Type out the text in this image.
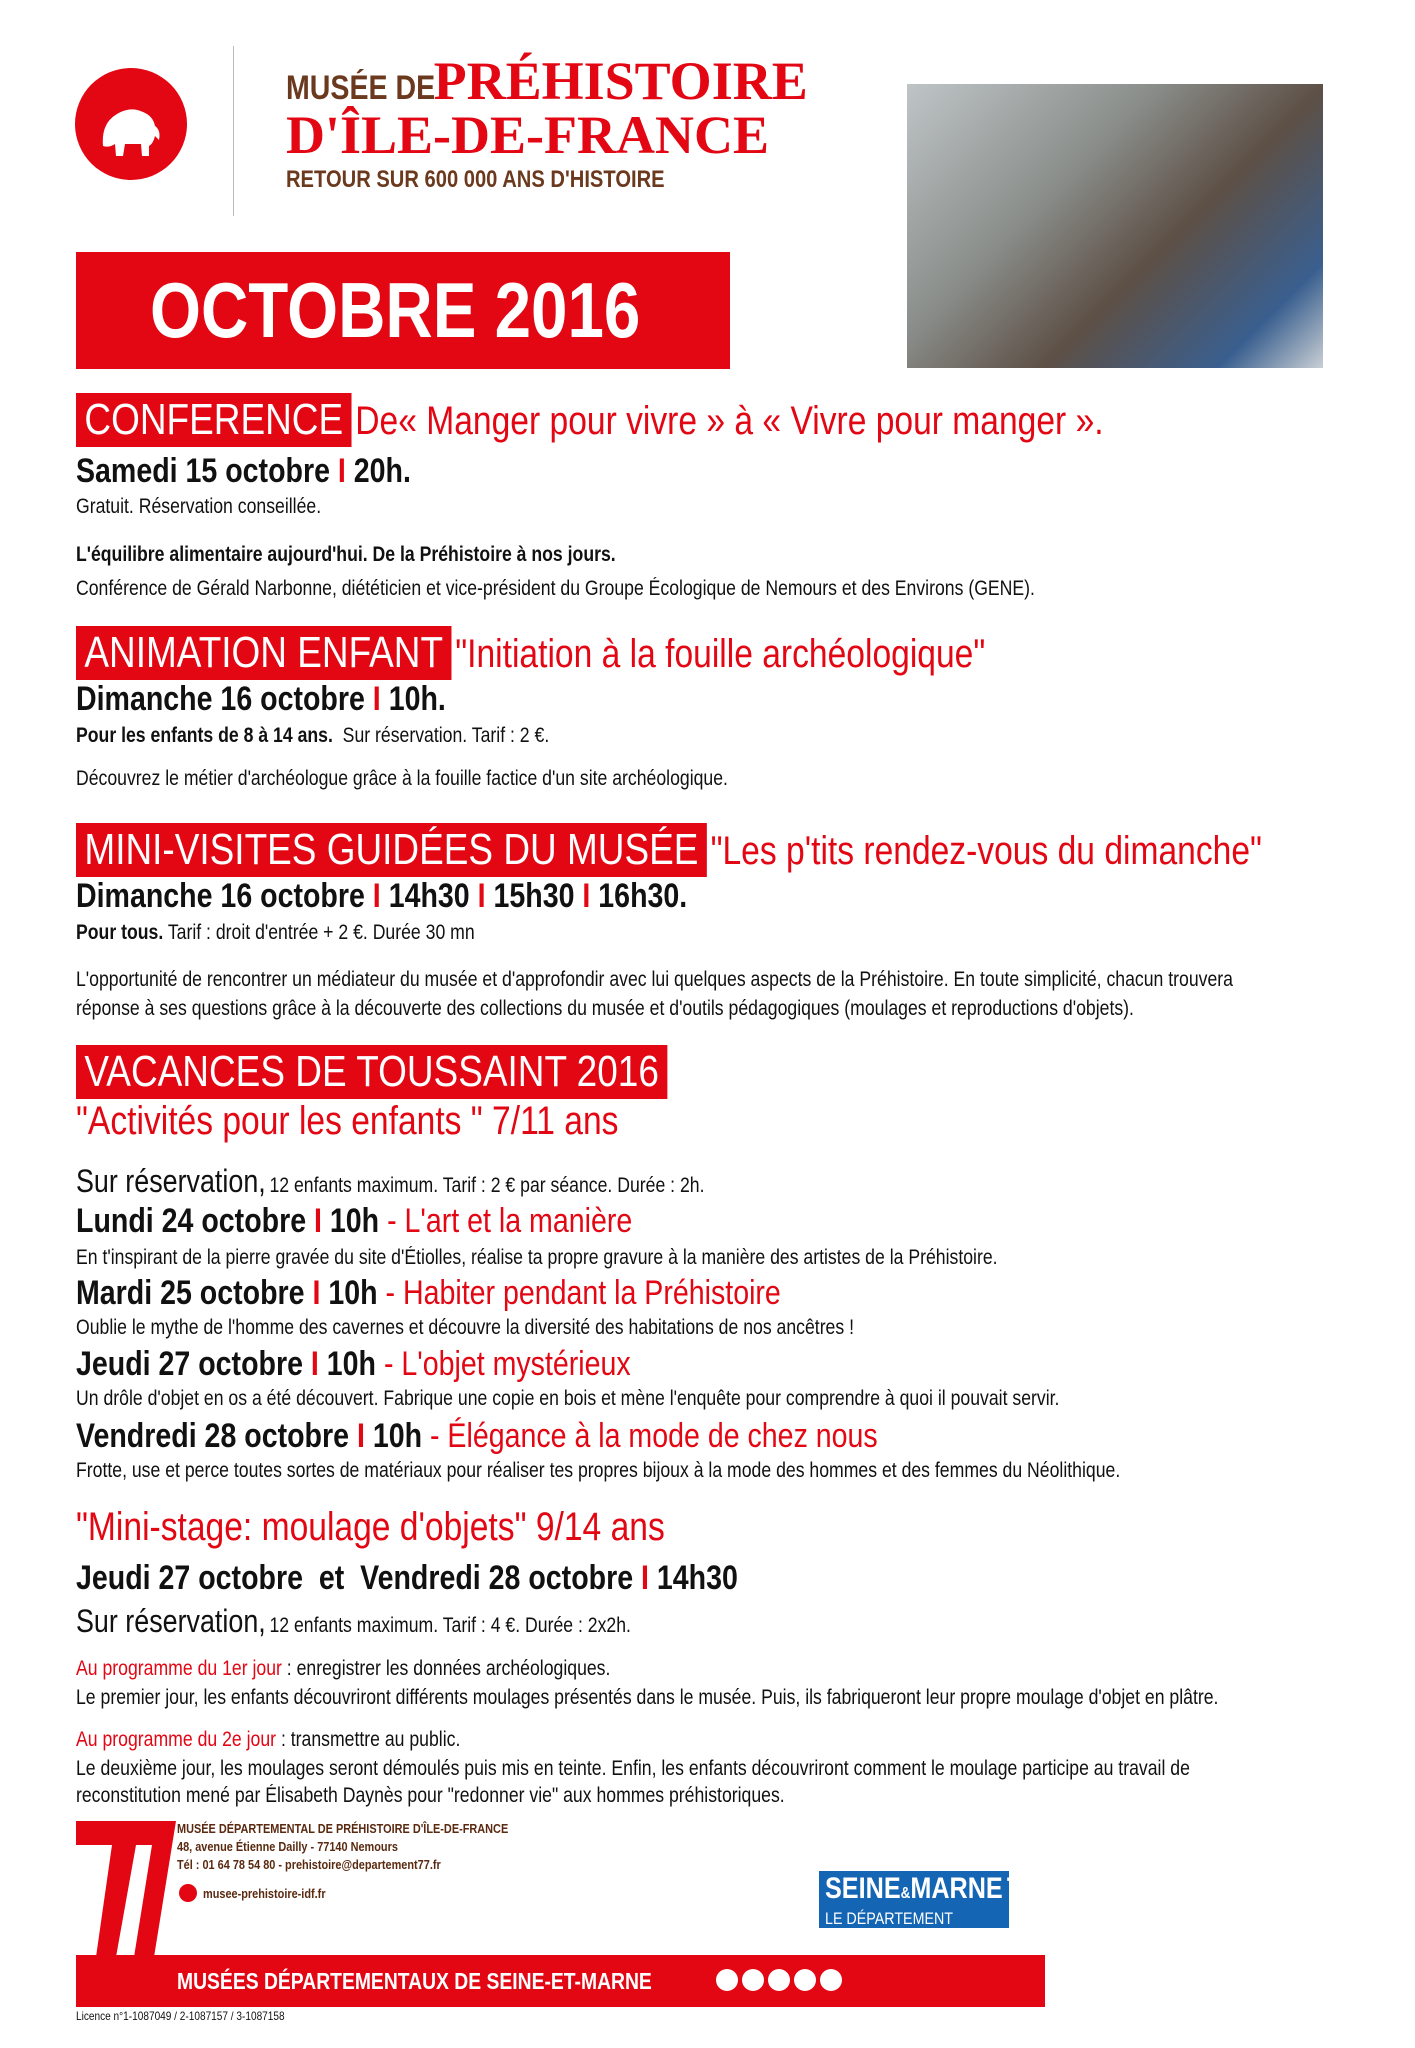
MUSÉE DEPRÉHISTOIRE
D'ÎLE-DE-FRANCE
RETOUR SUR 600 000 ANS D'HISTOIRE
OCTOBRE 2016
CONFERENCE De« Manger pour vivre » à « Vivre pour manger ».
Samedi 15 octobre I 20h.
Gratuit. Réservation conseillée.
L'équilibre alimentaire aujourd'hui. De la Préhistoire à nos jours.
Conférence de Gérald Narbonne, diététicien et vice-président du Groupe Écologique de Nemours et des Environs (GENE).
ANIMATION ENFANT "Initiation à la fouille archéologique"
Dimanche 16 octobre I 10h.
Pour les enfants de 8 à 14 ans. Sur réservation. Tarif : 2 €.
Découvrez le métier d'archéologue grâce à la fouille factice d'un site archéologique.
MINI-VISITES GUIDÉES DU MUSÉE "Les p'tits rendez-vous du dimanche"
Dimanche 16 octobre I 14h30 I 15h30 I 16h30.
Pour tous. Tarif : droit d'entrée + 2 €. Durée 30 mn
L'opportunité de rencontrer un médiateur du musée et d'approfondir avec lui quelques aspects de la Préhistoire. En toute simplicité, chacun trouvera
réponse à ses questions grâce à la découverte des collections du musée et d'outils pédagogiques (moulages et reproductions d'objets).
VACANCES DE TOUSSAINT 2016
"Activités pour les enfants " 7/11 ans
Sur réservation, 12 enfants maximum. Tarif : 2 € par séance. Durée : 2h.
Lundi 24 octobre I 10h - L'art et la manière
En t'inspirant de la pierre gravée du site d'Étiolles, réalise ta propre gravure à la manière des artistes de la Préhistoire.
Mardi 25 octobre I 10h - Habiter pendant la Préhistoire
Oublie le mythe de l'homme des cavernes et découvre la diversité des habitations de nos ancêtres !
Jeudi 27 octobre I 10h - L'objet mystérieux
Un drôle d'objet en os a été découvert. Fabrique une copie en bois et mène l'enquête pour comprendre à quoi il pouvait servir.
Vendredi 28 octobre I 10h - Élégance à la mode de chez nous
Frotte, use et perce toutes sortes de matériaux pour réaliser tes propres bijoux à la mode des hommes et des femmes du Néolithique.
"Mini-stage: moulage d'objets" 9/14 ans
Jeudi 27 octobre  et  Vendredi 28 octobre I 14h30
Sur réservation, 12 enfants maximum. Tarif : 4 €. Durée : 2x2h.
Au programme du 1er jour : enregistrer les données archéologiques.
Le premier jour, les enfants découvriront différents moulages présentés dans le musée. Puis, ils fabriqueront leur propre moulage d'objet en plâtre.
Au programme du 2e jour : transmettre au public.
Le deuxième jour, les moulages seront démoulés puis mis en teinte. Enfin, les enfants découvriront comment le moulage participe au travail de
reconstitution mené par Élisabeth Daynès pour "redonner vie" aux hommes préhistoriques.
MUSÉE DÉPARTEMENTAL DE PRÉHISTOIRE D'ÎLE-DE-FRANCE
48, avenue Étienne Dailly - 77140 Nemours
Tél : 01 64 78 54 80 - prehistoire@departement77.fr
musee-prehistoire-idf.fr	SEINE&MARNE 77
LE DÉPARTEMENT
MUSÉES DÉPARTEMENTAUX DE SEINE-ET-MARNE
Licence n°1-1087049 / 2-1087157 / 3-1087158
